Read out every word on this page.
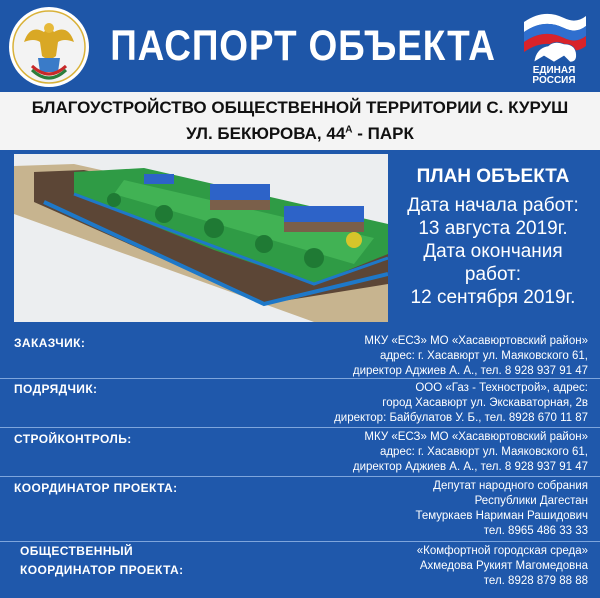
ПАСПОРТ ОБЪЕКТА
ЕДИНАЯ
РОССИЯ
БЛАГОУСТРОЙСТВО ОБЩЕСТВЕННОЙ ТЕРРИТОРИИ С. КУРУШ
УЛ. БЕКЮРОВА, $44^А$ - ПАРК
ПЛАН ОБЪЕКТА
Дата начала работ:
13 августа 2019г.
Дата окончания
работ:
12 сентября 2019г.
ЗАКАЗЧИК:	МКУ «ЕСЗ» МО «Хасавюртовский район»
адрес: г. Хасавюрт ул. Маяковского 61,
директор Аджиев А. А., тел. 8 928 937 91 47
ПОДРЯДЧИК:	ООО «Газ - Технострой», адрес:
город Хасавюрт ул. Экскаваторная, 2в
директор: Байбулатов У. Б., тел. 8928 670 11 87
СТРОЙКОНТРОЛЬ:	МКУ «ЕСЗ» МО «Хасавюртовский район»
адрес: г. Хасавюрт ул. Маяковского 61,
директор Аджиев А. А., тел. 8 928 937 91 47
КООРДИНАТОР ПРОЕКТА:	Депутат народного собрания
Республики Дагестан
Темуркаев Нариман Рашидович
тел. 8965 486 33 33
ОБЩЕСТВЕННЫЙ
КООРДИНАТОР ПРОЕКТА:
«Комфортной городская среда»
Ахмедова Рукият Магомедовна
тел. 8928 879 88 88
